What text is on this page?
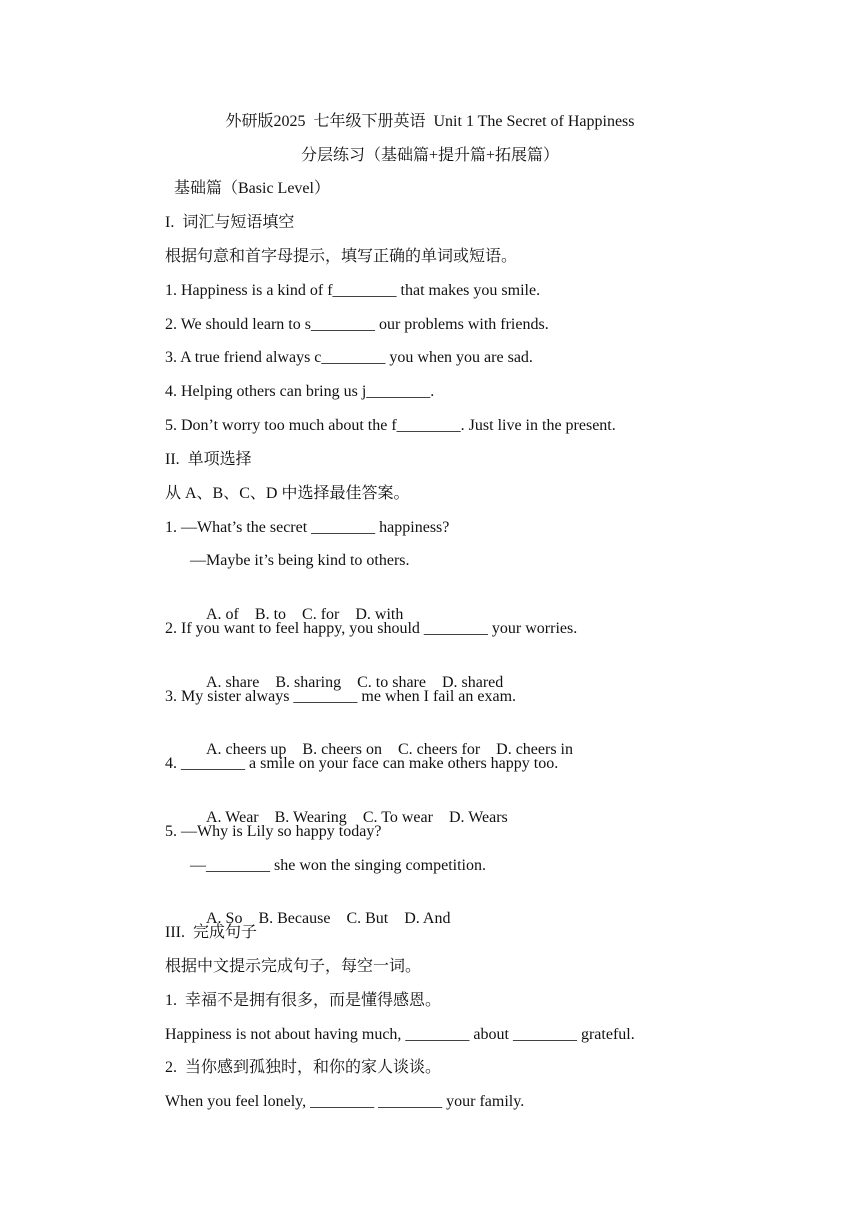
外研版2025  七年级下册英语  Unit 1 The Secret of Happiness
分层练习（基础篇+提升篇+拓展篇）
基础篇（Basic Level）
I.  词汇与短语填空
根据句意和首字母提示，填写正确的单词或短语。
1. Happiness is a kind of f________ that makes you smile.
2. We should learn to s________ our problems with friends.
3. A true friend always c________ you when you are sad.
4. Helping others can bring us j________.
5. Don’t worry too much about the f________. Just live in the present.
II.  单项选择
从 A、B、C、D 中选择最佳答案。
1. —What’s the secret ________ happiness?
—Maybe it’s being kind to others.

A. of B. to C. for D. with

2. If you want to feel happy, you should ________ your worries.

A. share B. sharing C. to share D. shared

3. My sister always ________ me when I fail an exam.

A. cheers up B. cheers on C. cheers for D. cheers in

4. ________ a smile on your face can make others happy too.

A. Wear B. Wearing C. To wear D. Wears

5. —Why is Lily so happy today?
—________ she won the singing competition.

A. So B. Because C. But D. And

III.  完成句子
根据中文提示完成句子，每空一词。
1.  幸福不是拥有很多，而是懂得感恩。
Happiness is not about having much, ________ about ________ grateful.
2.  当你感到孤独时，和你的家人谈谈。
When you feel lonely, ________ ________ your family.
